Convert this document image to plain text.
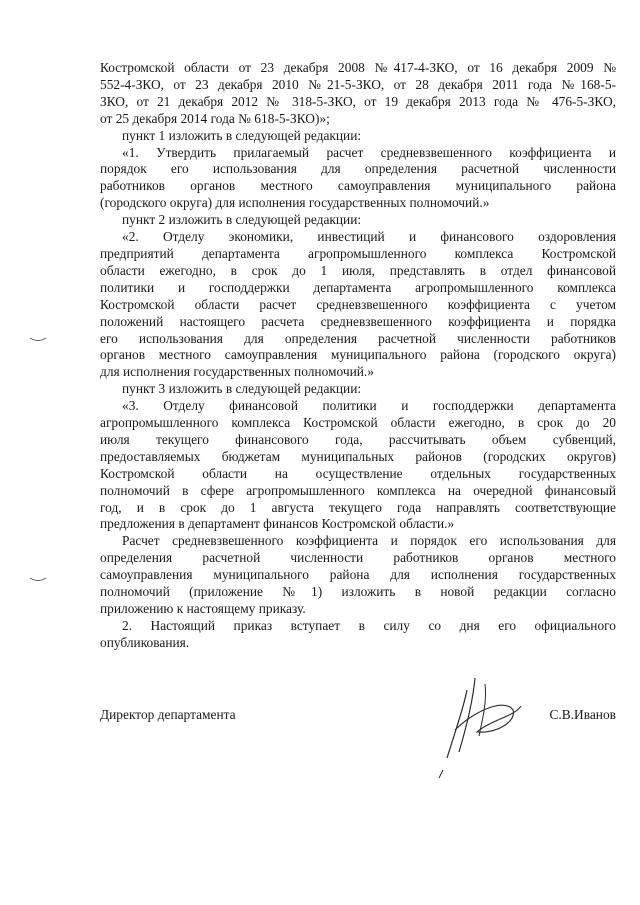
Костромской области от 23 декабря 2008 №417-4-ЗКО, от 16 декабря 2009 №

552-4-ЗКО, от 23 декабря 2010 №21-5-ЗКО, от 28 декабря 2011 года №168-5-

ЗКО, от 21 декабря 2012 № 318-5-ЗКО, от 19 декабря 2013 года № 476-5-ЗКО,

от 25 декабря 2014 года № 618-5-ЗКО)»;

пункт 1 изложить в следующей редакции:

«1. Утвердить прилагаемый расчет средневзвешенного коэффициента и

порядок его использования для определения расчетной численности

работников органов местного самоуправления муниципального района

(городского округа) для исполнения государственных полномочий.»

пункт 2 изложить в следующей редакции:

«2. Отделу экономики, инвестиций и финансового оздоровления

предприятий департамента агропромышленного комплекса Костромской

области ежегодно, в срок до 1 июля, представлять в отдел финансовой

политики и господдержки департамента агропромышленного комплекса

Костромской области расчет средневзвешенного коэффициента с учетом

положений настоящего расчета средневзвешенного коэффициента и порядка

его использования для определения расчетной численности работников

органов местного самоуправления муниципального района (городского округа)

для исполнения государственных полномочий.»

пункт 3 изложить в следующей редакции:

«3. Отделу финансовой политики и господдержки департамента

агропромышленного комплекса Костромской области ежегодно, в срок до 20

июля текущего финансового года, рассчитывать объем субвенций,

предоставляемых бюджетам муниципальных районов (городских округов)

Костромской области на осуществление отдельных государственных

полномочий в сфере агропромышленного комплекса на очередной финансовый

год, и в срок до 1 августа текущего года направлять соответствующие

предложения в департамент финансов Костромской области.»

Расчет средневзвешенного коэффициента и порядок его использования для

определения расчетной численности работников органов местного

самоуправления муниципального района для исполнения государственных

полномочий (приложение №1) изложить в новой редакции согласно

приложению к настоящему приказу.

2. Настоящий приказ вступает в силу со дня его официального

опубликования.

Директор департамента	С.В.Иванов
